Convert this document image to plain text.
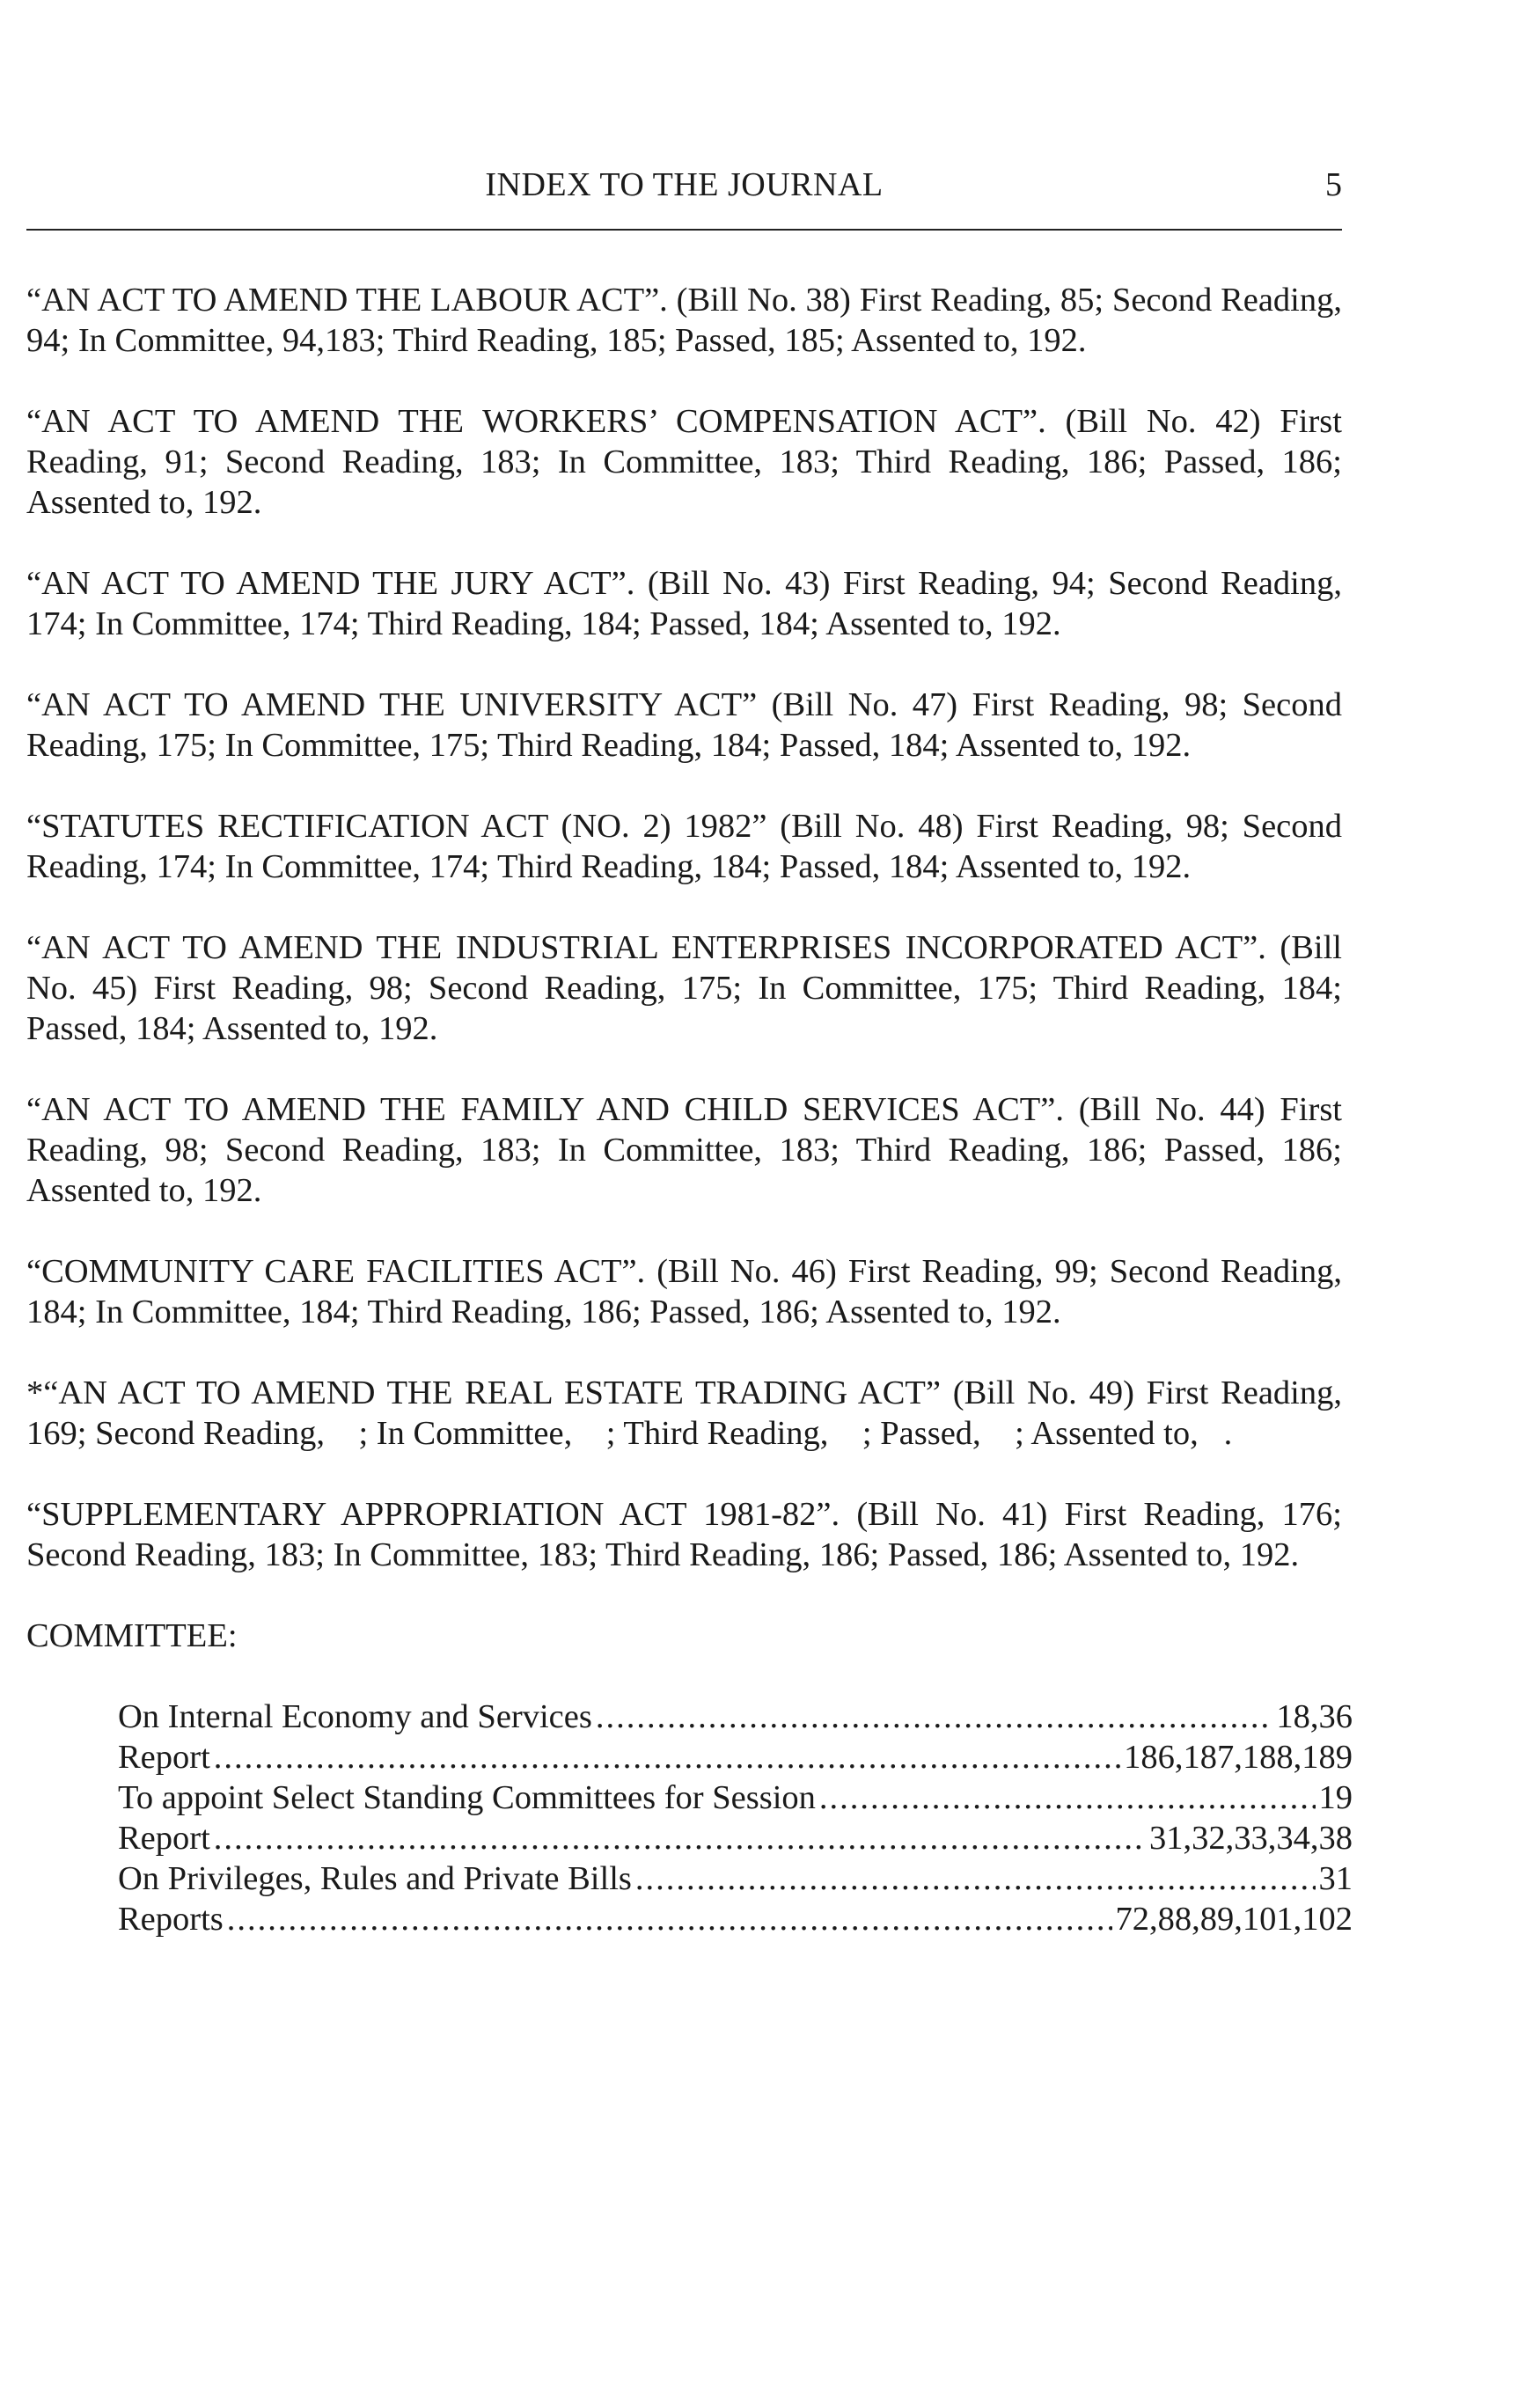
INDEX TO THE JOURNAL	5

“AN ACT TO AMEND THE LABOUR ACT”. (Bill No. 38) First Reading, 85; Second Reading, 94; In Committee, 94,183; Third Reading, 185; Passed, 185; Assented to, 192.

“AN ACT TO AMEND THE WORKERS’ COMPENSATION ACT”. (Bill No. 42) First Reading, 91; Second Reading, 183; In Committee, 183; Third Reading, 186; Passed, 186; Assented to, 192.

“AN ACT TO AMEND THE JURY ACT”. (Bill No. 43) First Reading, 94; Second Reading, 174; In Committee, 174; Third Reading, 184; Passed, 184; Assented to, 192.

“AN ACT TO AMEND THE UNIVERSITY ACT” (Bill No. 47) First Reading, 98; Second Reading, 175; In Committee, 175; Third Reading, 184; Passed, 184; Assented to, 192.

“STATUTES RECTIFICATION ACT (NO. 2) 1982” (Bill No. 48) First Reading, 98; Second Reading, 174; In Committee, 174; Third Reading, 184; Passed, 184; Assented to, 192.

“AN ACT TO AMEND THE INDUSTRIAL ENTERPRISES INCORPORATED ACT”. (Bill No. 45) First Reading, 98; Second Reading, 175; In Committee, 175; Third Reading, 184; Passed, 184; Assented to, 192.

“AN ACT TO AMEND THE FAMILY AND CHILD SERVICES ACT”. (Bill No. 44) First Reading, 98; Second Reading, 183; In Committee, 183; Third Reading, 186; Passed, 186; Assented to, 192.

“COMMUNITY CARE FACILITIES ACT”. (Bill No. 46) First Reading, 99; Second Reading, 184; In Committee, 184; Third Reading, 186; Passed, 186; Assented to, 192.

*“AN ACT TO AMEND THE REAL ESTATE TRADING ACT” (Bill No. 49) First Reading, 169; Second Reading,    ; In Committee,    ; Third Reading,    ; Passed,    ; Assented to,   .

“SUPPLEMENTARY APPROPRIATION ACT 1981-82”. (Bill No. 41) First Reading, 176; Second Reading, 183; In Committee, 183; Third Reading, 186; Passed, 186; Assented to, 192.

COMMITTEE:
On Internal Economy and Services .....	18,36
Report .....	186,187,188,189
To appoint Select Standing Committees for Session .....	19
Report .....	31,32,33,34,38
On Privileges, Rules and Private Bills .....	31
Reports .....	72,88,89,101,102
